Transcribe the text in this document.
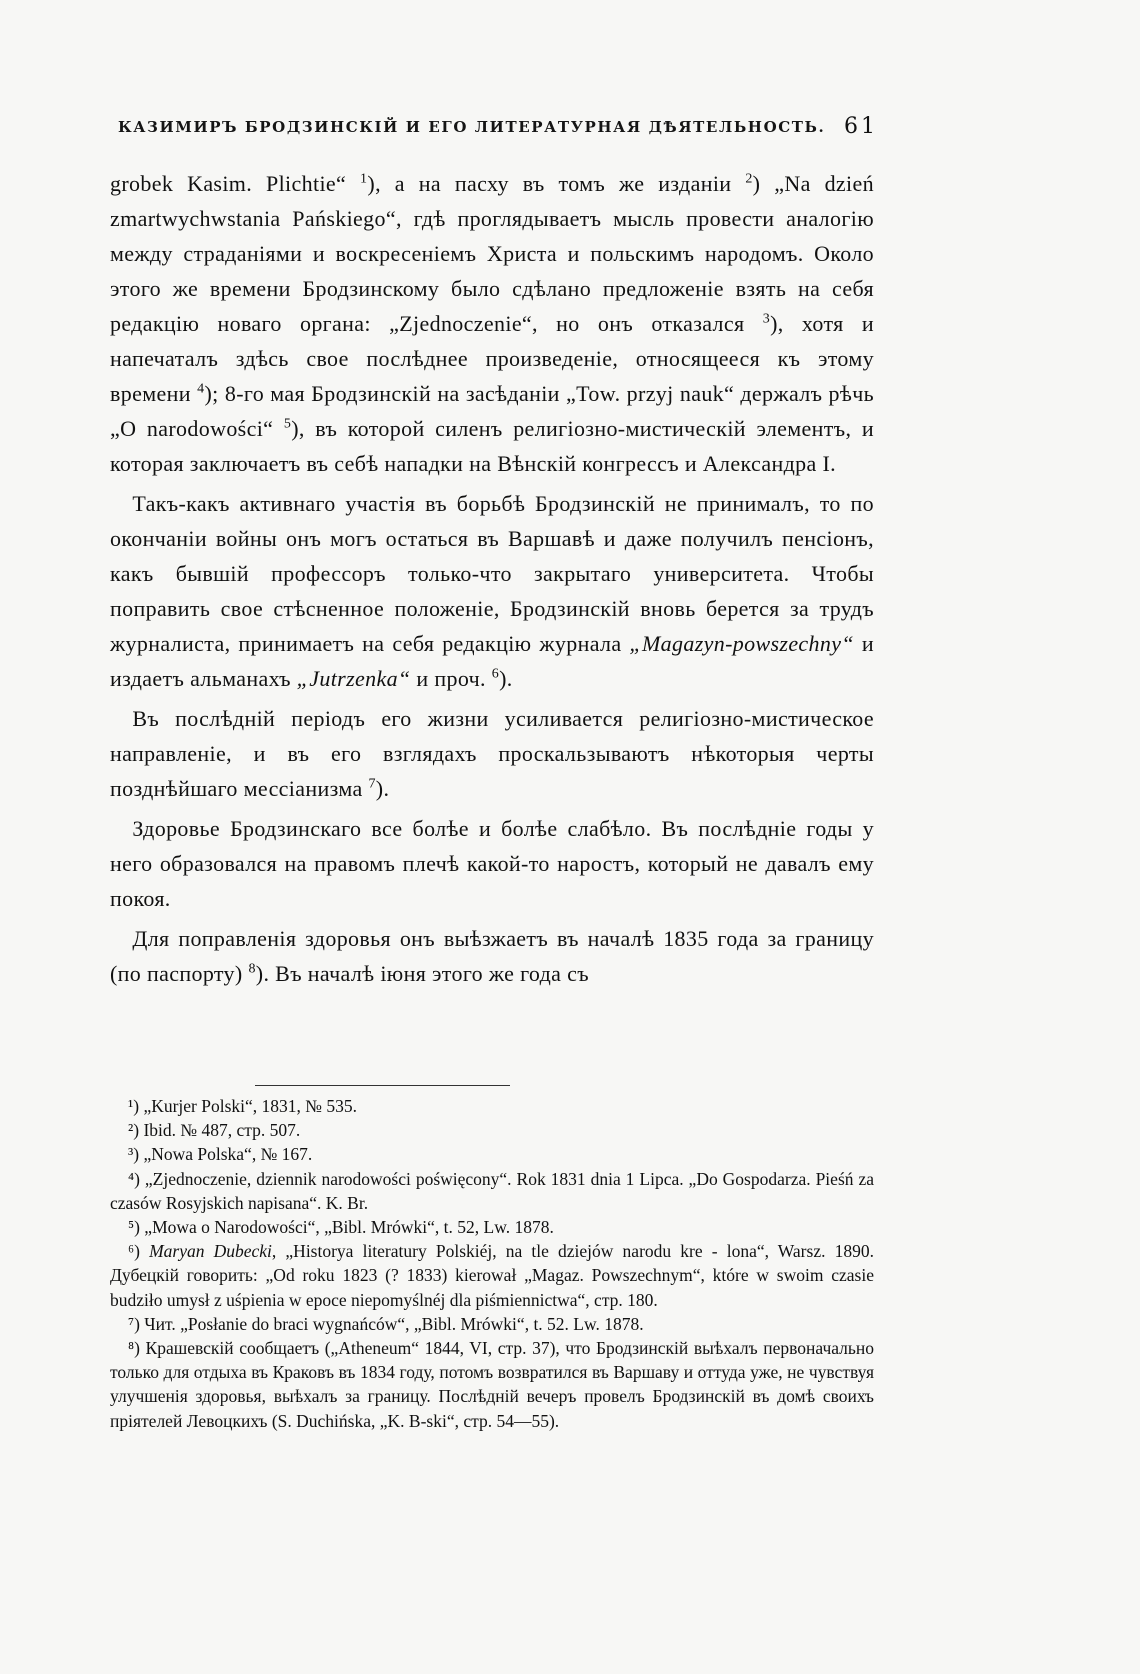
КАЗИМИРЪ БРОДЗИНСКІЙ И ЕГО ЛИТЕРАТУРНАЯ ДѢЯТЕЛЬНОСТЬ. 61

grobek Kasim. Plichtie“ $^1$), а на пасху въ томъ же изданіи $^2$) „Na dzień zmartwychwstania Pańskiego“, гдѣ проглядываетъ мысль провести аналогію между страданіями и воскресеніемъ Христа и польскимъ народомъ. Около этого же времени Бродзинскому было сдѣлано предложеніе взять на себя редакцію новаго органа: „Zjednoczenie“, но онъ отказался $^3$), хотя и напечаталъ здѣсь свое послѣднее произведеніе, относящееся къ этому времени $^4$); 8-го мая Бродзинскій на засѣданіи „Tow. przyj nauk“ держалъ рѣчь „O narodowości“ $^5$), въ которой силенъ религіозно-мистическій элементъ, и которая заключаетъ въ себѣ нападки на Вѣнскій конгрессъ и Александра I.

 Такъ-какъ активнаго участія въ борьбѣ Бродзинскій не принималъ, то по окончаніи войны онъ могъ остаться въ Варшавѣ и даже получилъ пенсіонъ, какъ бывшій профессоръ только-что закрытаго университета. Чтобы поправить свое стѣсненное положеніе, Бродзинскій вновь берется за трудъ журналиста, принимаетъ на себя редакцію журнала „Magazyn-powszechny“ и издаетъ альманахъ „Jutrzenka“ и проч. $^6$).

 Въ послѣдній періодъ его жизни усиливается религіозно-мистическое направленіе, и въ его взглядахъ проскальзываютъ нѣкоторыя черты позднѣйшаго мессіанизма $^7$).

 Здоровье Бродзинскаго все болѣе и болѣе слабѣло. Въ послѣдніе годы у него образовался на правомъ плечѣ какой-то наростъ, который не давалъ ему покоя.

 Для поправленія здоровья онъ выѣзжаетъ въ началѣ 1835 года за границу (по паспорту) $^8$). Въ началѣ іюня этого же года съ

¹) „Kurjer Polski“, 1831, № 535.

²) Ibid. № 487, стр. 507.

³) „Nowa Polska“, № 167.

⁴) „Zjednoczenie, dziennik narodowości poświęcony“. Rok 1831 dnia 1 Lipca. „Do Gospodarza. Pieśń za czasów Rosyjskich napisana“. K. Br.

⁵) „Mowa o Narodowości“, „Bibl. Mrówki“, t. 52, Lw. 1878.

⁶) Maryan Dubecki, „Historya literatury Polskiéj, na tle dziejów narodu kre - lona“, Warsz. 1890. Дубецкій говорить: „Od roku 1823 (? 1833) kierował „Magaz. Powszechnym“, które w swoim czasie budziło umysł z uśpienia w epoce niepomyślnéj dla piśmiennictwa“, стр. 180.

⁷) Чит. „Posłanie do braci wygnańców“, „Bibl. Mrówki“, t. 52. Lw. 1878.

⁸) Крашевскій сообщаетъ („Atheneum“ 1844, VI, стр. 37), что Бродзинскій выѣхалъ первоначально только для отдыха въ Краковъ въ 1834 году, потомъ возвратился въ Варшаву и оттуда уже, не чувствуя улучшенія здоровья, выѣхалъ за границу. Послѣдній вечеръ провелъ Бродзинскій въ домѣ своихъ пріятелей Левоцкихъ (S. Duchińska, „K. B-ski“, стр. 54—55).
